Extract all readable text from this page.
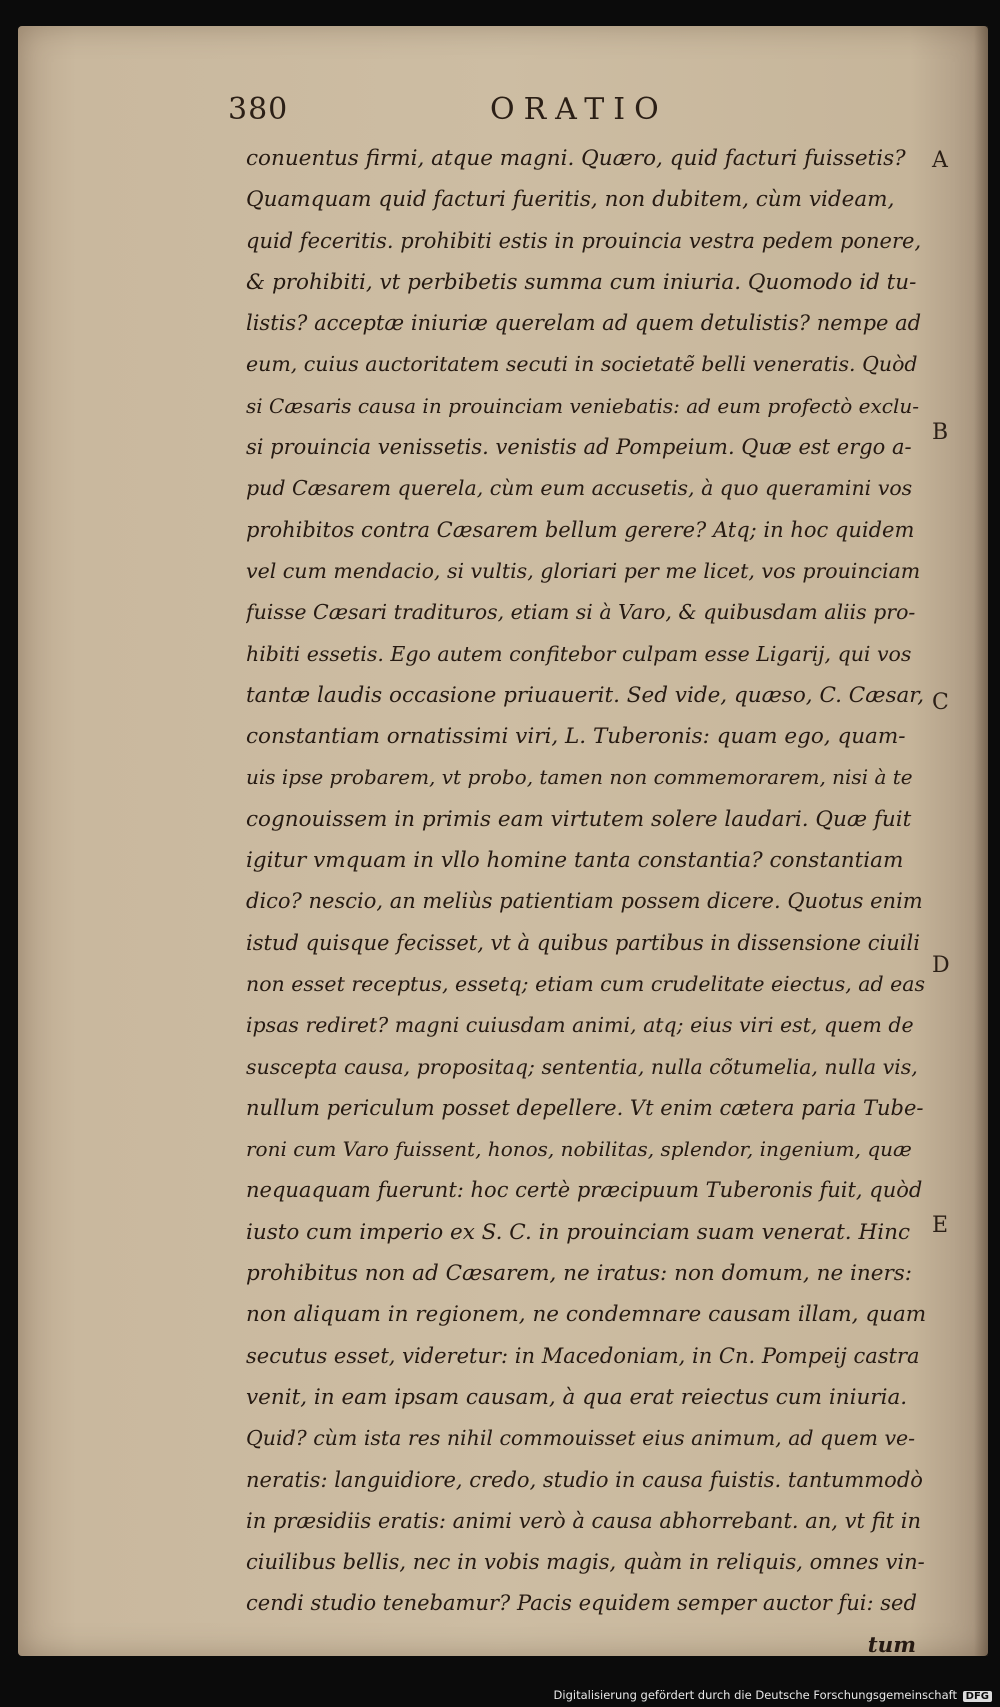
380	ORATIO
conuentus firmi, atque magni. Quæro, quid facturi fuissetis?
Quamquam quid facturi fueritis, non dubitem, cùm videam,
quid feceritis. prohibiti estis in prouincia vestra pedem ponere,
& prohibiti, vt perbibetis summa cum iniuria. Quomodo id tu-
listis? acceptæ iniuriæ querelam ad quem detulistis? nempe ad
eum, cuius auctoritatem secuti in societatẽ belli veneratis. Quòd
si Cæsaris causa in prouinciam veniebatis: ad eum profectò exclu-
si prouincia venissetis. venistis ad Pompeium. Quæ est ergo a-
pud Cæsarem querela, cùm eum accusetis, à quo queramini vos
prohibitos contra Cæsarem bellum gerere? Atq; in hoc quidem
vel cum mendacio, si vultis, gloriari per me licet, vos prouinciam
fuisse Cæsari tradituros, etiam si à Varo, & quibusdam aliis pro-
hibiti essetis. Ego autem confitebor culpam esse Ligarij, qui vos
tantæ laudis occasione priuauerit. Sed vide, quæso, C. Cæsar,
constantiam ornatissimi viri, L. Tuberonis: quam ego, quam-
uis ipse probarem, vt probo, tamen non commemorarem, nisi à te
cognouissem in primis eam virtutem solere laudari. Quæ fuit
igitur vmquam in vllo homine tanta constantia? constantiam
dico? nescio, an meliùs patientiam possem dicere. Quotus enim
istud quisque fecisset, vt à quibus partibus in dissensione ciuili
non esset receptus, essetq; etiam cum crudelitate eiectus, ad eas
ipsas rediret? magni cuiusdam animi, atq; eius viri est, quem de
suscepta causa, propositaq; sententia, nulla cõtumelia, nulla vis,
nullum periculum posset depellere. Vt enim cætera paria Tube-
roni cum Varo fuissent, honos, nobilitas, splendor, ingenium, quæ
nequaquam fuerunt: hoc certè præcipuum Tuberonis fuit, quòd
iusto cum imperio ex S. C. in prouinciam suam venerat. Hinc
prohibitus non ad Cæsarem, ne iratus: non domum, ne iners:
non aliquam in regionem, ne condemnare causam illam, quam
secutus esset, videretur: in Macedoniam, in Cn. Pompeij castra
venit, in eam ipsam causam, à qua erat reiectus cum iniuria.
Quid? cùm ista res nihil commouisset eius animum, ad quem ve-
neratis: languidiore, credo, studio in causa fuistis. tantummodò
in præsidiis eratis: animi verò à causa abhorrebant. an, vt fit in
ciuilibus bellis, nec in vobis magis, quàm in reliquis, omnes vin-
cendi studio tenebamur? Pacis equidem semper auctor fui: sed
tum
A
B
C
D
E
Digitalisierung gefördert durch die Deutsche Forschungsgemeinschaft DFG
